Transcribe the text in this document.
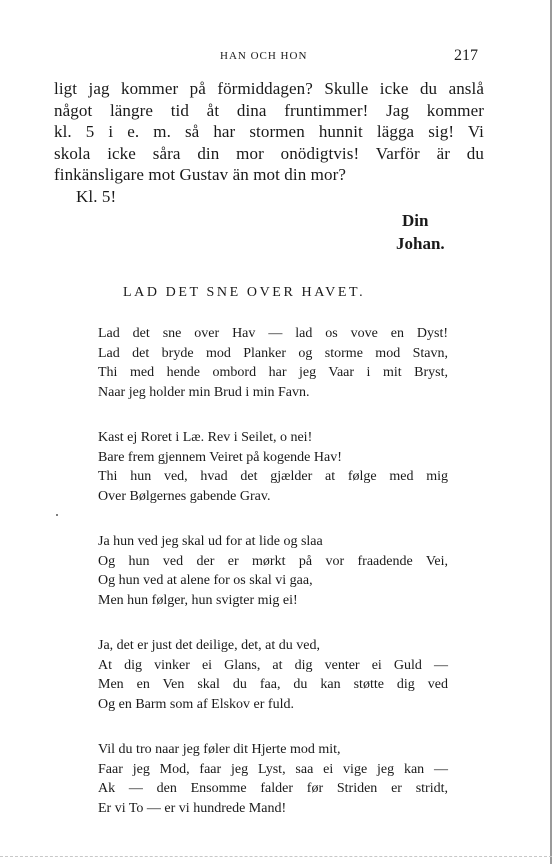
HAN OCH HON	217
ligt jag kommer på förmiddagen? Skulle icke du anslå
något längre tid åt dina fruntimmer! Jag kommer
kl. 5 i e. m. så har stormen hunnit lägga sig! Vi
skola icke såra din mor onödigtvis! Varför är du
finkänsligare mot Gustav än mot din mor?
Kl. 5!
Din
Johan.
LAD DET SNE OVER HAVET.
Lad det sne over Hav — lad os vove en Dyst!
Lad det bryde mod Planker og storme mod Stavn,
Thi med hende ombord har jeg Vaar i mit Bryst,
Naar jeg holder min Brud i min Favn.
Kast ej Roret i Læ. Rev i Seilet, o nei!
Bare frem gjennem Veiret på kogende Hav!
Thi hun ved, hvad det gjælder at følge med mig
Over Bølgernes gabende Grav.
Ja hun ved jeg skal ud for at lide og slaa
Og hun ved der er mørkt på vor fraadende Vei,
Og hun ved at alene for os skal vi gaa,
Men hun følger, hun svigter mig ei!
Ja, det er just det deilige, det, at du ved,
At dig vinker ei Glans, at dig venter ei Guld —
Men en Ven skal du faa, du kan støtte dig ved
Og en Barm som af Elskov er fuld.
Vil du tro naar jeg føler dit Hjerte mod mit,
Faar jeg Mod, faar jeg Lyst, saa ei vige jeg kan —
Ak — den Ensomme falder før Striden er stridt,
Er vi To — er vi hundrede Mand!
